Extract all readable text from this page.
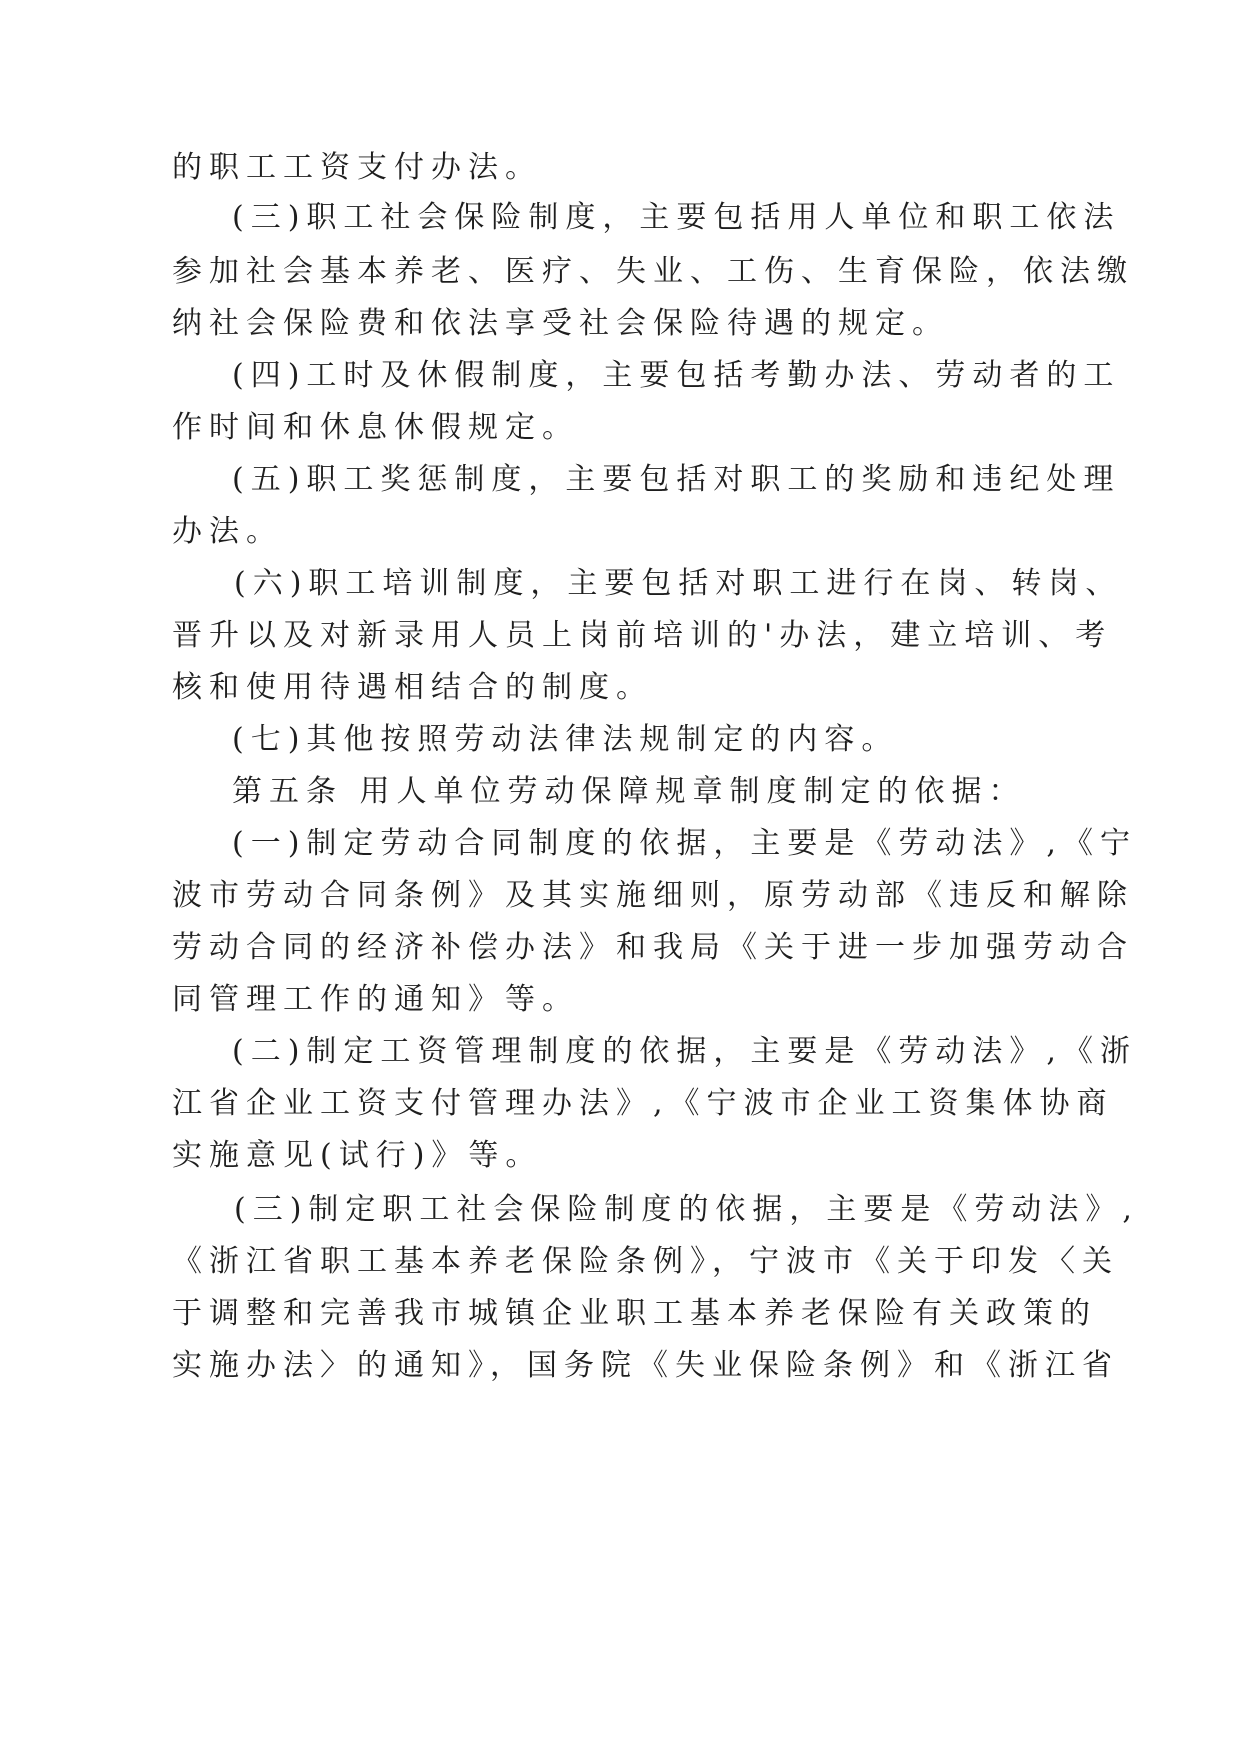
的职工工资支付办法。

(三)职工社会保险制度，主要包括用人单位和职工依法

参加社会基本养老、医疗、失业、工伤、生育保险，依法缴

纳社会保险费和依法享受社会保险待遇的规定。

(四)工时及休假制度，主要包括考勤办法、劳动者的工

作时间和休息休假规定。

(五)职工奖惩制度，主要包括对职工的奖励和违纪处理

办法。

(六)职工培训制度，主要包括对职工进行在岗、转岗、

晋升以及对新录用人员上岗前培训的'办法，建立培训、考

核和使用待遇相结合的制度。

(七)其他按照劳动法律法规制定的内容。

第五条 用人单位劳动保障规章制度制定的依据：

(一)制定劳动合同制度的依据，主要是《劳动法》,《宁

波市劳动合同条例》及其实施细则，原劳动部《违反和解除

劳动合同的经济补偿办法》和我局《关于进一步加强劳动合

同管理工作的通知》等。

(二)制定工资管理制度的依据，主要是《劳动法》,《浙

江省企业工资支付管理办法》,《宁波市企业工资集体协商

实施意见(试行)》等。

(三)制定职工社会保险制度的依据，主要是《劳动法》,

《浙江省职工基本养老保险条例》，宁波市《关于印发〈关

于调整和完善我市城镇企业职工基本养老保险有关政策的

实施办法〉的通知》，国务院《失业保险条例》和《浙江省
